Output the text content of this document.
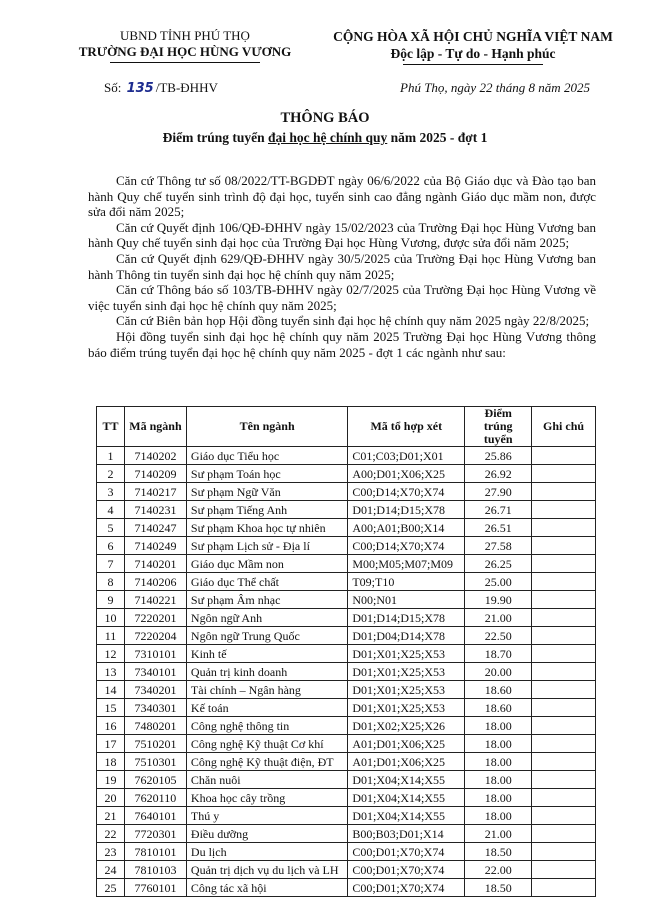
UBND TỈNH PHÚ THỌ
TRƯỜNG ĐẠI HỌC HÙNG VƯƠNG
CỘNG HÒA XÃ HỘI CHỦ NGHĨA VIỆT NAM
Độc lập - Tự do - Hạnh phúc
Số: 135 /TB-ĐHHV	Phú Thọ, ngày 22 tháng 8 năm 2025
THÔNG BÁO
Điểm trúng tuyển đại học hệ chính quy năm 2025 - đợt 1

Căn cứ Thông tư số 08/2022/TT-BGDĐT ngày 06/6/2022 của Bộ Giáo dục và Đào tạo ban hành Quy chế tuyển sinh trình độ đại học, tuyển sinh cao đẳng ngành Giáo dục mầm non, được sửa đổi năm 2025;

Căn cứ Quyết định 106/QĐ-ĐHHV ngày 15/02/2023 của Trường Đại học Hùng Vương ban hành Quy chế tuyển sinh đại học của Trường Đại học Hùng Vương, được sửa đổi năm 2025;

Căn cứ Quyết định 629/QĐ-ĐHHV ngày 30/5/2025 của Trường Đại học Hùng Vương ban hành Thông tin tuyển sinh đại học hệ chính quy năm 2025;

Căn cứ Thông báo số 103/TB-ĐHHV ngày 02/7/2025 của Trường Đại học Hùng Vương về việc tuyển sinh đại học hệ chính quy năm 2025;

Căn cứ Biên bản họp Hội đồng tuyển sinh đại học hệ chính quy năm 2025 ngày 22/8/2025;

Hội đồng tuyển sinh đại học hệ chính quy năm 2025 Trường Đại học Hùng Vương thông báo điểm trúng tuyển đại học hệ chính quy năm 2025 - đợt 1 các ngành như sau:

TT	Mã ngành	Tên ngành	Mã tổ hợp xét	Điểm trúng tuyển	Ghi chú
1	7140202	Giáo dục Tiểu học	C01;C03;D01;X01	25.86	
2	7140209	Sư phạm Toán học	A00;D01;X06;X25	26.92	
3	7140217	Sư phạm Ngữ Văn	C00;D14;X70;X74	27.90	
4	7140231	Sư phạm Tiếng Anh	D01;D14;D15;X78	26.71	
5	7140247	Sư phạm Khoa học tự nhiên	A00;A01;B00;X14	26.51	
6	7140249	Sư phạm Lịch sử - Địa lí	C00;D14;X70;X74	27.58	
7	7140201	Giáo dục Mầm non	M00;M05;M07;M09	26.25	
8	7140206	Giáo dục Thể chất	T09;T10	25.00	
9	7140221	Sư phạm Âm nhạc	N00;N01	19.90	
10	7220201	Ngôn ngữ Anh	D01;D14;D15;X78	21.00	
11	7220204	Ngôn ngữ Trung Quốc	D01;D04;D14;X78	22.50	
12	7310101	Kinh tế	D01;X01;X25;X53	18.70	
13	7340101	Quản trị kinh doanh	D01;X01;X25;X53	20.00	
14	7340201	Tài chính – Ngân hàng	D01;X01;X25;X53	18.60	
15	7340301	Kế toán	D01;X01;X25;X53	18.60	
16	7480201	Công nghệ thông tin	D01;X02;X25;X26	18.00	
17	7510201	Công nghệ Kỹ thuật Cơ khí	A01;D01;X06;X25	18.00	
18	7510301	Công nghệ Kỹ thuật điện, ĐT	A01;D01;X06;X25	18.00	
19	7620105	Chăn nuôi	D01;X04;X14;X55	18.00	
20	7620110	Khoa học cây trồng	D01;X04;X14;X55	18.00	
21	7640101	Thú y	D01;X04;X14;X55	18.00	
22	7720301	Điều dưỡng	B00;B03;D01;X14	21.00	
23	7810101	Du lịch	C00;D01;X70;X74	18.50	
24	7810103	Quản trị dịch vụ du lịch và LH	C00;D01;X70;X74	22.00	
25	7760101	Công tác xã hội	C00;D01;X70;X74	18.50	
